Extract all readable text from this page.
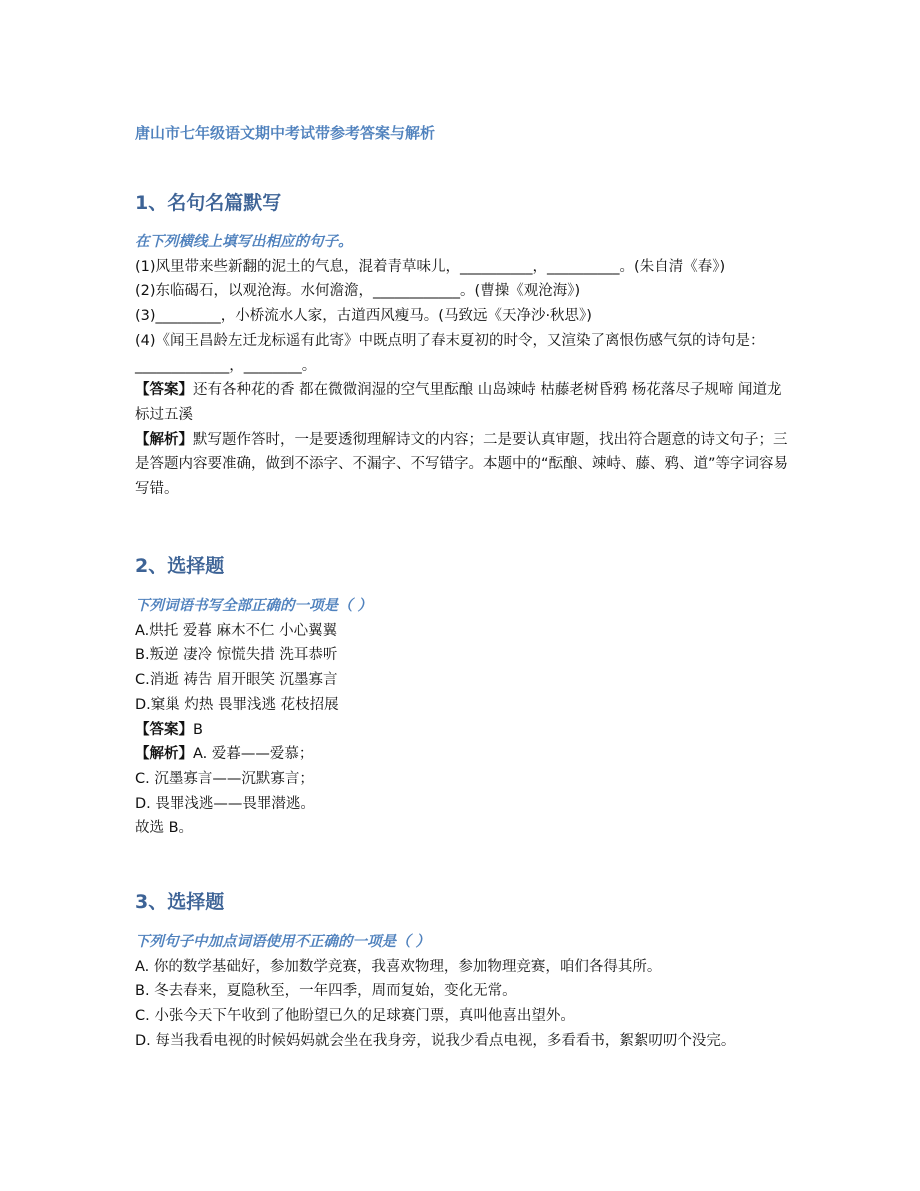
唐山市七年级语文期中考试带参考答案与解析
1、名句名篇默写
在下列横线上填写出相应的句子。
(1)风里带来些新翻的泥土的气息，混着青草味儿，__________，__________。(朱自清《春》)
(2)东临碣石，以观沧海。水何澹澹，____________。(曹操《观沧海》)
(3)_________，小桥流水人家，古道西风瘦马。(马致远《天净沙·秋思》)
(4)《闻王昌龄左迁龙标遥有此寄》中既点明了春末夏初的时令，又渲染了离恨伤感气氛的诗句是：_____________，________。
【答案】还有各种花的香 都在微微润湿的空气里酝酿 山岛竦峙 枯藤老树昏鸦 杨花落尽子规啼 闻道龙标过五溪
【解析】默写题作答时，一是要透彻理解诗文的内容；二是要认真审题，找出符合题意的诗文句子；三是答题内容要准确，做到不添字、不漏字、不写错字。本题中的“酝酿、竦峙、藤、鸦、道”等字词容易写错。
2、选择题
下列词语书写全部正确的一项是（ ）
A.烘托 爱暮 麻木不仁 小心翼翼
B.叛逆 凄冷 惊慌失措 洗耳恭听
C.消逝 祷告 眉开眼笑 沉墨寡言
D.窠巢 灼热 畏罪浅逃 花枝招展
【答案】B
【解析】A. 爱暮——爱慕；
C. 沉墨寡言——沉默寡言；
D. 畏罪浅逃——畏罪潜逃。
故选 B。
3、选择题
下列句子中加点词语使用不正确的一项是（ ）
A. 你的数学基础好，参加数学竞赛，我喜欢物理，参加物理竞赛，咱们各得其所。
B. 冬去春来，夏隐秋至，一年四季，周而复始，变化无常。
C. 小张今天下午收到了他盼望已久的足球赛门票，真叫他喜出望外。
D. 每当我看电视的时候妈妈就会坐在我身旁，说我少看点电视，多看看书，絮絮叨叨个没完。
